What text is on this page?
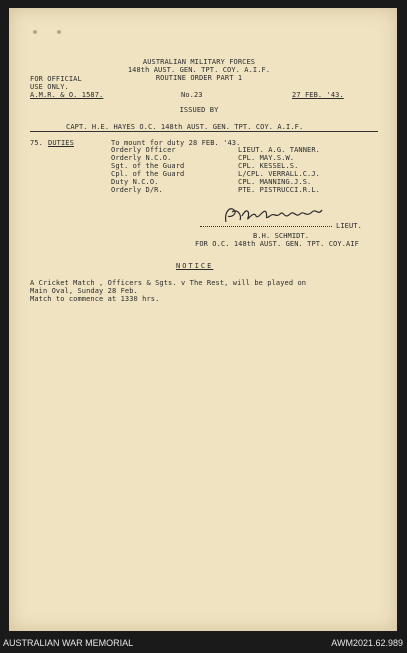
AUSTRALIAN MILITARY FORCES
148th AUST. GEN. TPT. COY. A.I.F.
ROUTINE ORDER PART 1
FOR OFFICIAL
USE ONLY.
A.M.R. & O. 1587.	No.23	27 FEB. '43.
ISSUED BY
CAPT. H.E. HAYES O.C. 148th AUST. GEN. TPT. COY. A.I.F.
75. DUTIES	To mount for duty 28 FEB. '43.
Orderly Officer	LIEUT. A.G. TANNER.
Orderly N.C.O.	CPL. MAY.S.W.
Sgt. of the Guard	CPL. KESSEL.S.
Cpl. of the Guard	L/CPL. VERRALL.C.J.
Duty N.C.O.	CPL. MANNING.J.S.
Orderly D/R.	PTE. PISTRUCCI.R.L.
LIEUT.
B.H. SCHMIDT.
FOR O.C. 148th AUST. GEN. TPT. COY.AIF
NOTICE
A Cricket Match , Officers & Sgts. v The Rest, will be played on
Main Oval, Sunday 28 Feb.
Match to commence at 1330 hrs.
AUSTRALIAN WAR MEMORIAL	AWM2021.62.989
